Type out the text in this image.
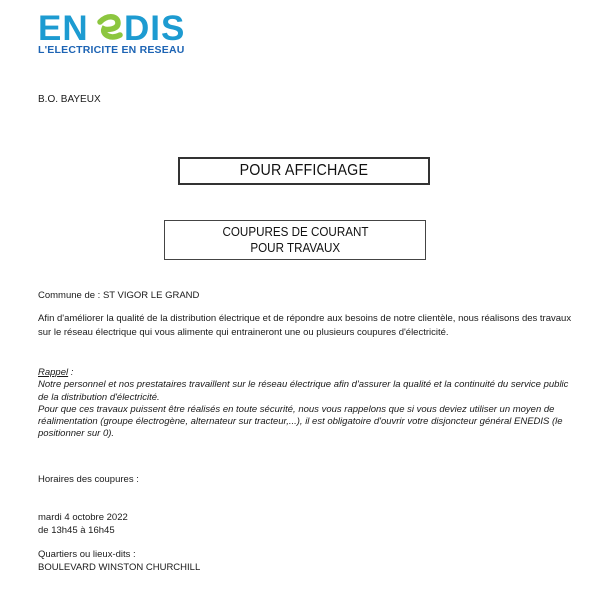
EN DIS
L'ELECTRICITE EN RESEAU
B.O. BAYEUX
POUR AFFICHAGE
COUPURES DE COURANT
POUR TRAVAUX
Commune de : ST VIGOR LE GRAND
Afin d'améliorer la qualité de la distribution électrique et de répondre aux besoins de notre clientèle, nous réalisons des travaux sur le réseau électrique qui vous alimente qui entraineront une ou plusieurs coupures d'électricité.
Rappel :
Notre personnel et nos prestataires travaillent sur le réseau électrique afin d'assurer la qualité et la continuité du service public de la distribution d'électricité.
Pour que ces travaux puissent être réalisés en toute sécurité, nous vous rappelons que si vous deviez utiliser un moyen de réalimentation (groupe électrogène, alternateur sur tracteur,...), il est obligatoire d'ouvrir votre disjoncteur général ENEDIS (le positionner sur 0).
Horaires des coupures :
mardi 4 octobre 2022
de 13h45 à 16h45
Quartiers ou lieux-dits :
BOULEVARD WINSTON CHURCHILL
